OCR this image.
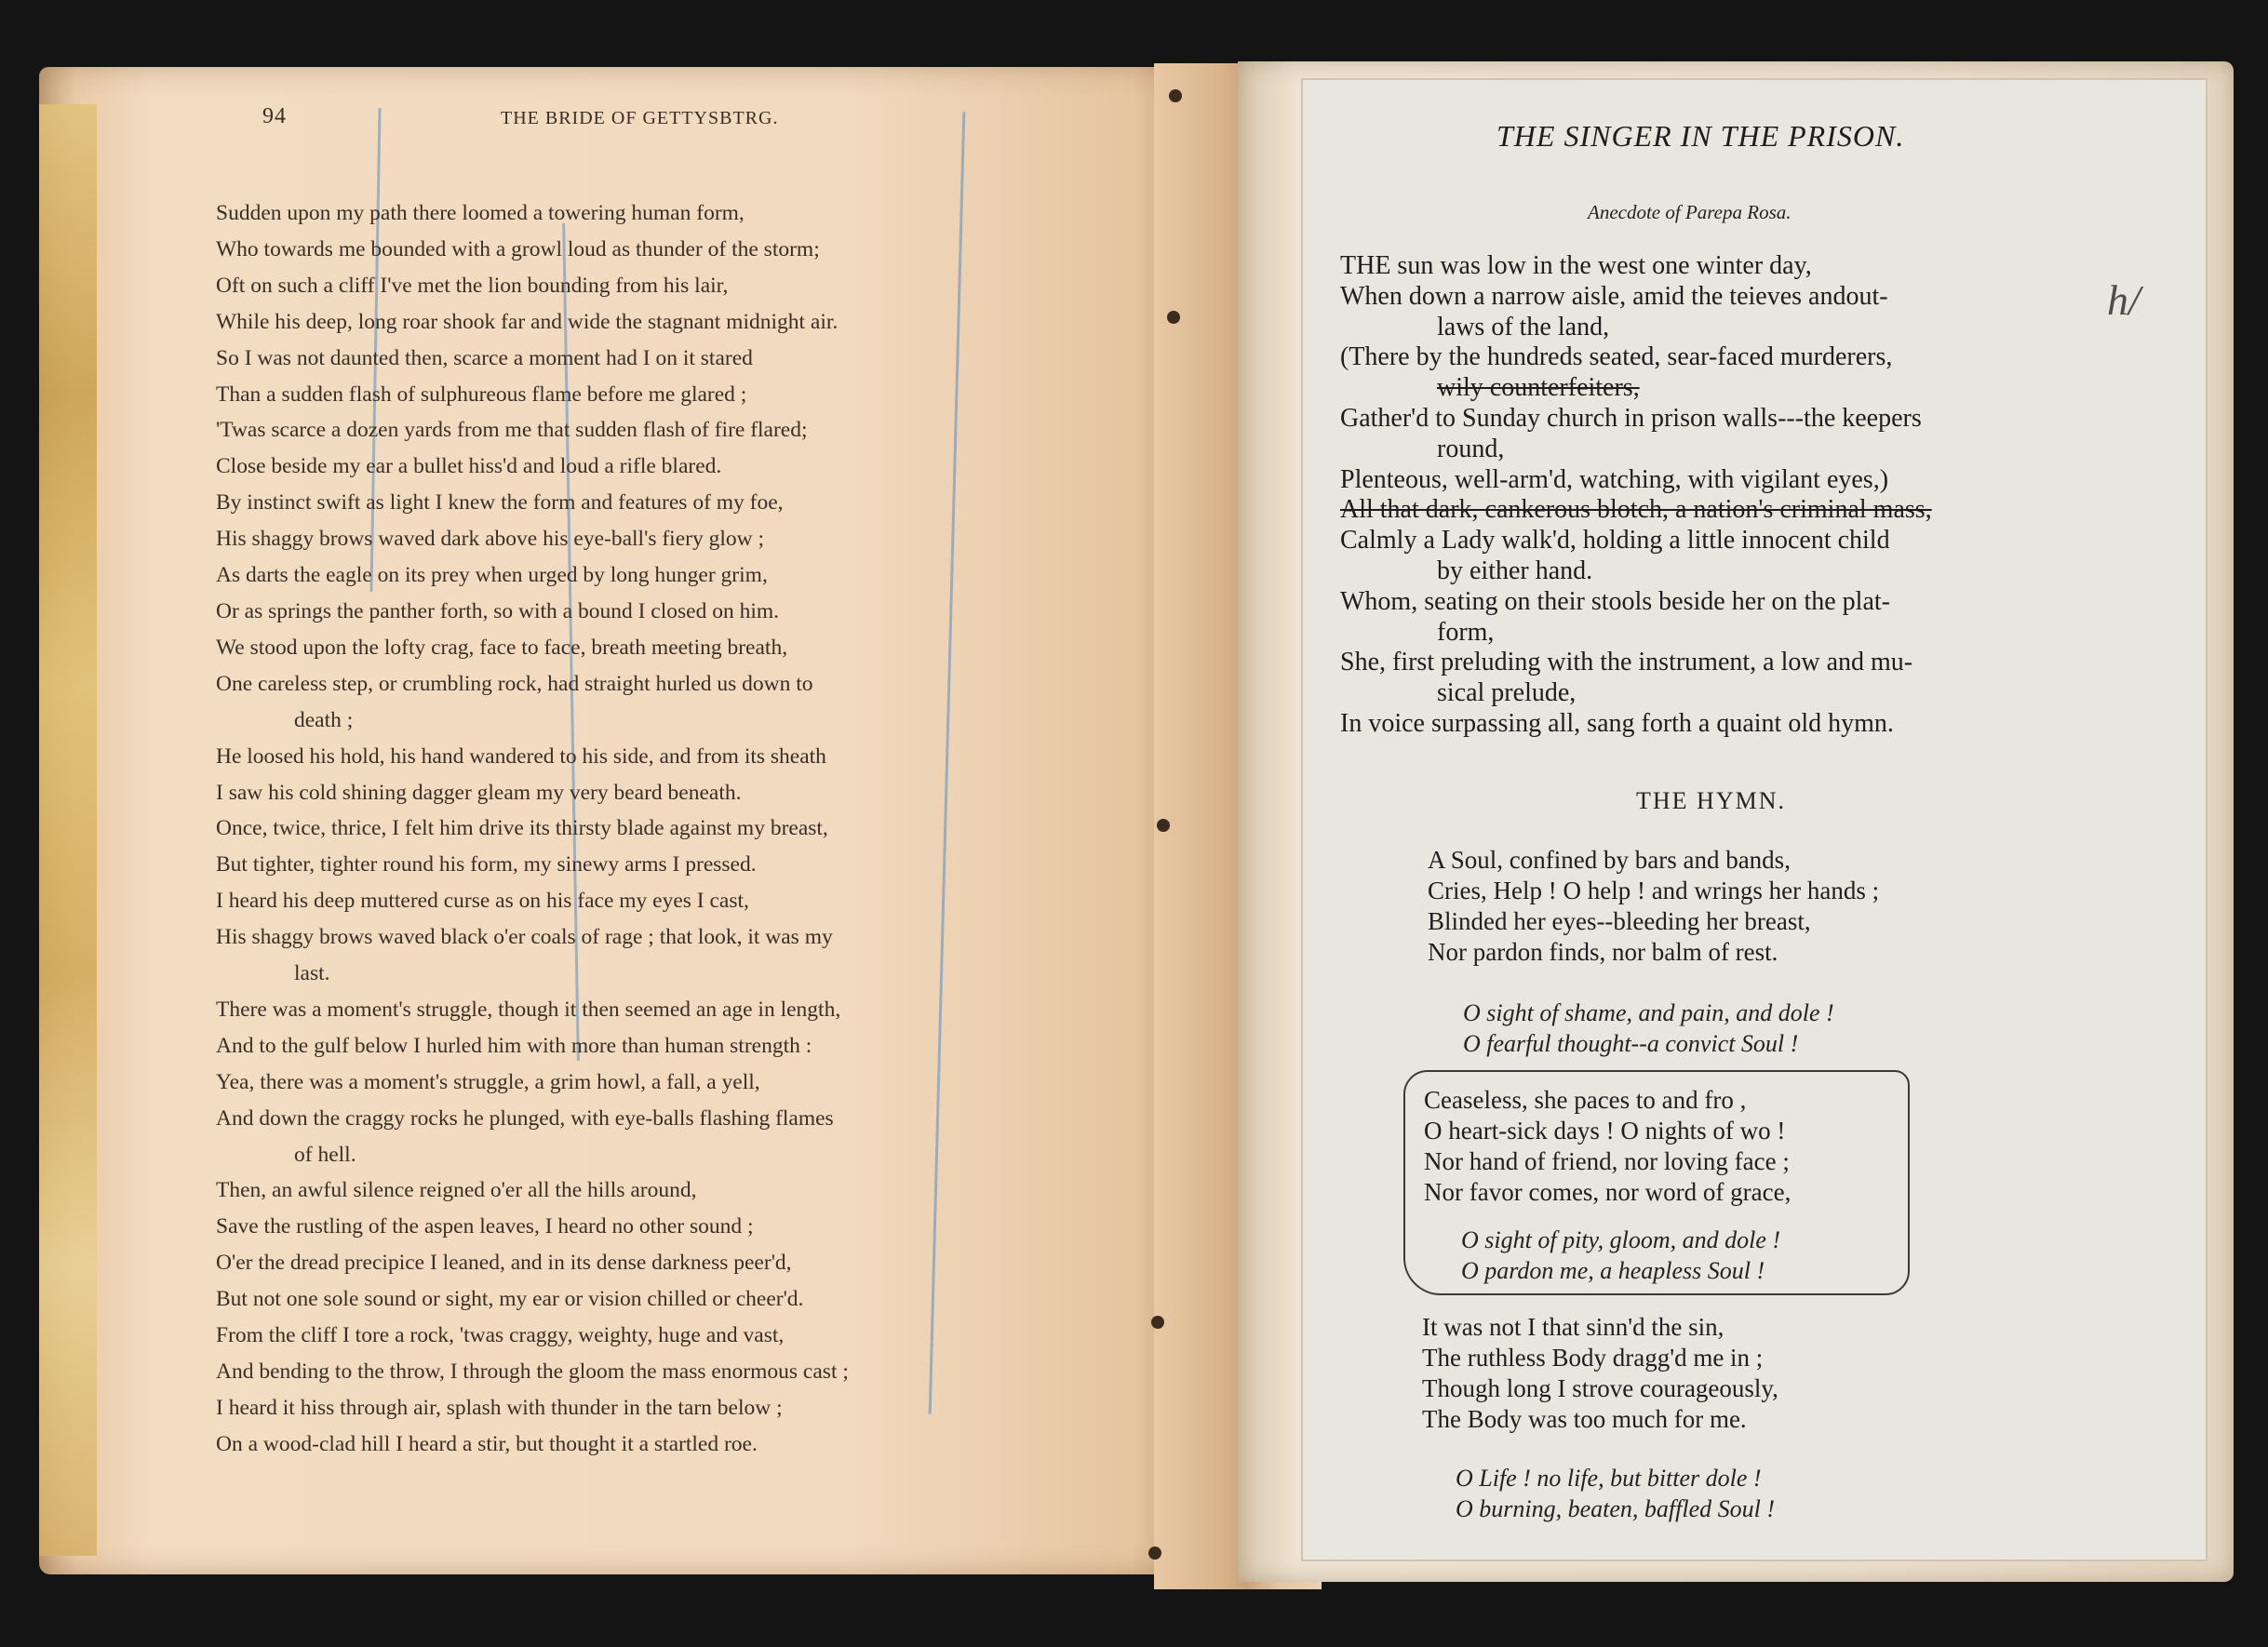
94	THE BRIDE OF GETTYSBTRG.
Sudden upon my path there loomed a towering human form,
Who towards me bounded with a growl loud as thunder of the storm;
Oft on such a cliff I've met the lion bounding from his lair,
While his deep, long roar shook far and wide the stagnant midnight air.
So I was not daunted then, scarce a moment had I on it stared
Than a sudden flash of sulphureous flame before me glared ;
'Twas scarce a dozen yards from me that sudden flash of fire flared;
Close beside my ear a bullet hiss'd and loud a rifle blared.
By instinct swift as light I knew the form and features of my foe,
His shaggy brows waved dark above his eye-ball's fiery glow ;
As darts the eagle on its prey when urged by long hunger grim,
Or as springs the panther forth, so with a bound I closed on him.
We stood upon the lofty crag, face to face, breath meeting breath,
One careless step, or crumbling rock, had straight hurled us down to
death ;
He loosed his hold, his hand wandered to his side, and from its sheath
I saw his cold shining dagger gleam my very beard beneath.
Once, twice, thrice, I felt him drive its thirsty blade against my breast,
But tighter, tighter round his form, my sinewy arms I pressed.
I heard his deep muttered curse as on his face my eyes I cast,
His shaggy brows waved black o'er coals of rage ; that look, it was my
last.
There was a moment's struggle, though it then seemed an age in length,
And to the gulf below I hurled him with more than human strength :
Yea, there was a moment's struggle, a grim howl, a fall, a yell,
And down the craggy rocks he plunged, with eye-balls flashing flames
of hell.
Then, an awful silence reigned o'er all the hills around,
Save the rustling of the aspen leaves, I heard no other sound ;
O'er the dread precipice I leaned, and in its dense darkness peer'd,
But not one sole sound or sight, my ear or vision chilled or cheer'd.
From the cliff I tore a rock, 'twas craggy, weighty, huge and vast,
And bending to the throw, I through the gloom the mass enormous cast ;
I heard it hiss through air, splash with thunder in the tarn below ;
On a wood-clad hill I heard a stir, but thought it a startled roe.
THE SINGER IN THE PRISON.
Anecdote of Parepa Rosa.
THE sun was low in the west one winter day,
When down a narrow aisle, amid the teieves andout-
laws of the land,
(There by the hundreds seated, sear-faced murderers,
wily counterfeiters,
Gather'd to Sunday church in prison walls---the keepers
round,
Plenteous, well-arm'd, watching, with vigilant eyes,)
All that dark, cankerous blotch, a nation's criminal mass,
Calmly a Lady walk'd, holding a little innocent child
by either hand.
Whom, seating on their stools beside her on the plat-
form,
She, first preluding with the instrument, a low and mu-
sical prelude,
In voice surpassing all, sang forth a quaint old hymn.
h/
THE HYMN.
A Soul, confined by bars and bands,
Cries, Help ! O help ! and wrings her hands ;
Blinded her eyes--bleeding her breast,
Nor pardon finds, nor balm of rest.
O sight of shame, and pain, and dole !
O fearful thought--a convict Soul !
Ceaseless, she paces to and fro ,
O heart-sick days ! O nights of wo !
Nor hand of friend, nor loving face ;
Nor favor comes, nor word of grace,
O sight of pity, gloom, and dole !
O pardon me, a heapless Soul !
It was not I that sinn'd the sin,
The ruthless Body dragg'd me in ;
Though long I strove courageously,
The Body was too much for me.
O Life ! no life, but bitter dole !
O burning, beaten, baffled Soul !
